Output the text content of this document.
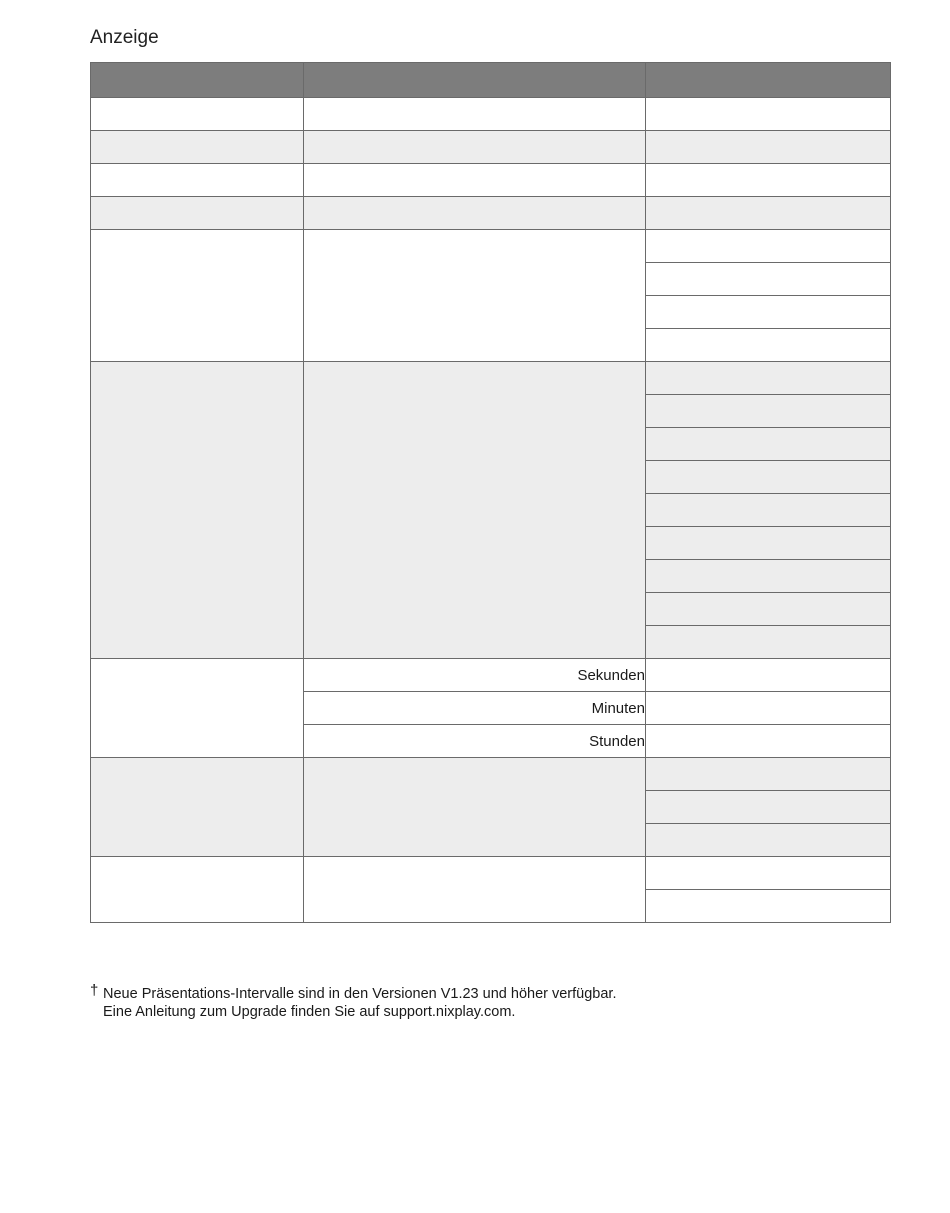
Anzeige

	Sekunden	
	Minuten	
	Stunden	

† Neue Präsentations-Intervalle sind in den Versionen V1.23 und höher verfügbar.
Eine Anleitung zum Upgrade finden Sie auf support.nixplay.com.
